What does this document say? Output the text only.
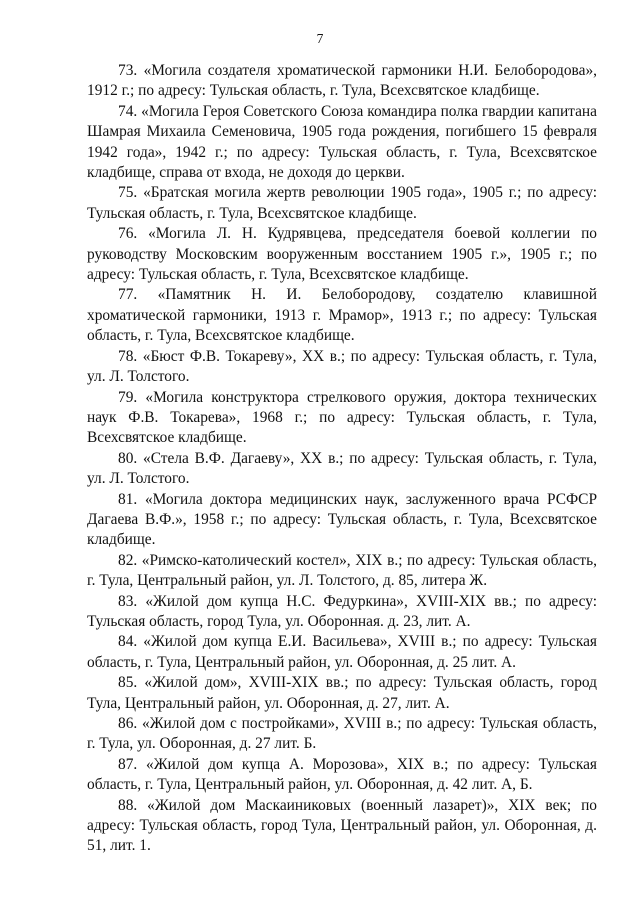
7

73. «Могила создателя хроматической гармоники Н.И. Белобородова», 1912 г.; по адресу: Тульская область, г. Тула, Всехсвятское кладбище.

74. «Могила Героя Советского Союза командира полка гвардии капитана Шамрая Михаила Семеновича, 1905 года рождения, погибшего 15 февраля 1942 года», 1942 г.; по адресу: Тульская область, г. Тула, Всехсвятское кладбище, справа от входа, не доходя до церкви.

75. «Братская могила жертв революции 1905 года», 1905 г.; по адресу: Тульская область, г. Тула, Всехсвятское кладбище.

76. «Могила Л. Н. Кудрявцева, председателя боевой коллегии по руководству Московским вооруженным восстанием 1905 г.», 1905 г.; по адресу: Тульская область, г. Тула, Всехсвятское кладбище.

77. «Памятник Н. И. Белобородову, создателю клавишной хроматической гармоники, 1913 г. Мрамор», 1913 г.; по адресу: Тульская область, г. Тула, Всехсвятское кладбище.

78. «Бюст Ф.В. Токареву», XX в.; по адресу: Тульская область, г. Тула, ул. Л. Толстого.

79. «Могила конструктора стрелкового оружия, доктора технических наук Ф.В. Токарева», 1968 г.; по адресу: Тульская область, г. Тула, Всехсвятское кладбище.

80. «Стела В.Ф. Дагаеву», XX в.; по адресу: Тульская область, г. Тула, ул. Л. Толстого.

81. «Могила доктора медицинских наук, заслуженного врача РСФСР Дагаева В.Ф.», 1958 г.; по адресу: Тульская область, г. Тула, Всехсвятское кладбище.

82. «Римско-католический костел», XIX в.; по адресу: Тульская область, г. Тула, Центральный район, ул. Л. Толстого, д. 85, литера Ж.

83. «Жилой дом купца Н.С. Федуркина», XVIII-XIX вв.; по адресу: Тульская область, город Тула, ул. Оборонная. д. 23, лит. А.

84. «Жилой дом купца Е.И. Васильева», XVIII в.; по адресу: Тульская область, г. Тула, Центральный район, ул. Оборонная, д. 25 лит. А.

85. «Жилой дом», XVIII-XIX вв.; по адресу: Тульская область, город Тула, Центральный район, ул. Оборонная, д. 27, лит. А.

86. «Жилой дом с постройками», XVIII в.; по адресу: Тульская область, г. Тула, ул. Оборонная, д. 27 лит. Б.

87. «Жилой дом купца А. Морозова», XIX в.; по адресу: Тульская область, г. Тула, Центральный район, ул. Оборонная, д. 42 лит. А, Б.

88. «Жилой дом Маскаиниковых (военный лазарет)», XIX век; по адресу: Тульская область, город Тула, Центральный район, ул. Оборонная, д. 51, лит. 1.
